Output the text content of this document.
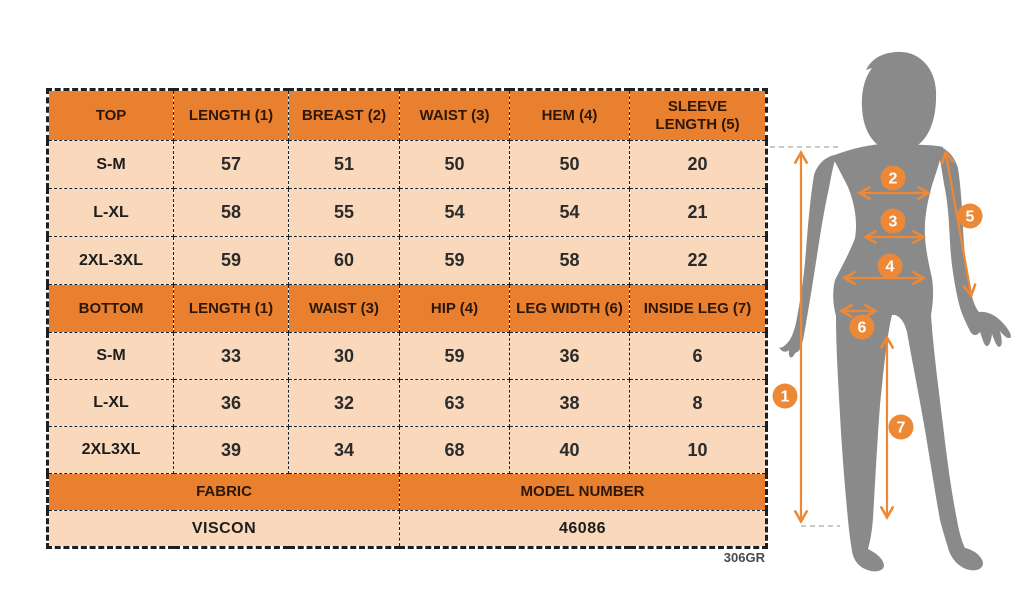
TOP	LENGTH (1)	BREAST (2)	WAIST (3)	HEM (4)	SLEEVE LENGTH (5)
S-M	57	51	50	50	20
L-XL	58	55	54	54	21
2XL-3XL	59	60	59	58	22
BOTTOM	LENGTH (1)	WAIST (3)	HIP (4)	LEG WIDTH (6)	INSIDE LEG (7)
S-M	33	30	59	36	6
L-XL	36	32	63	38	8
2XL3XL	39	34	68	40	10
FABRIC			MODEL NUMBER		
VISCON			46086		
306GR
1
2
3
4
5
6
7
